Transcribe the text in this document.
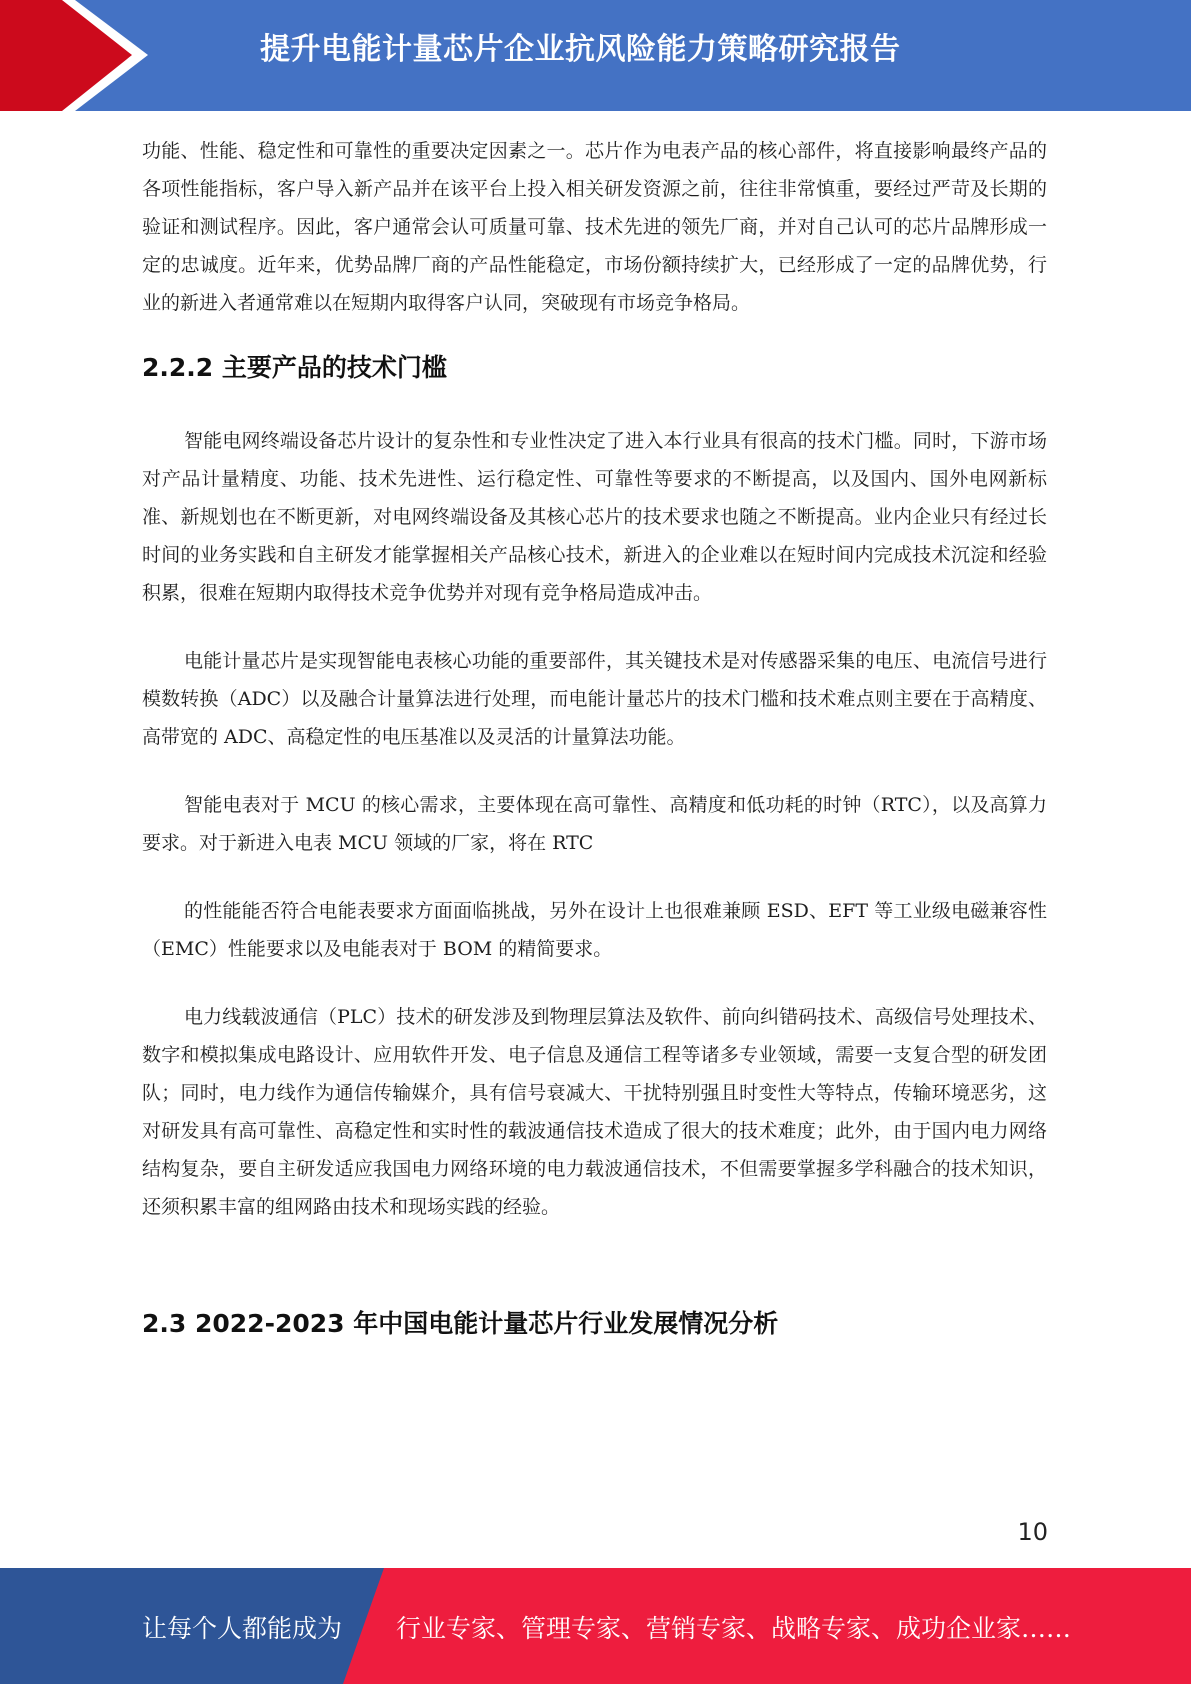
提升电能计量芯片企业抗风险能力策略研究报告

功能、性能、稳定性和可靠性的重要决定因素之一。芯片作为电表产品的核心部件，将直接影响最终产品的各项性能指标，客户导入新产品并在该平台上投入相关研发资源之前，往往非常慎重，要经过严苛及长期的验证和测试程序。因此，客户通常会认可质量可靠、技术先进的领先厂商，并对自己认可的芯片品牌形成一定的忠诚度。近年来，优势品牌厂商的产品性能稳定，市场份额持续扩大，已经形成了一定的品牌优势，行业的新进入者通常难以在短期内取得客户认同，突破现有市场竞争格局。

2.2.2 主要产品的技术门槛

智能电网终端设备芯片设计的复杂性和专业性决定了进入本行业具有很高的技术门槛。同时，下游市场对产品计量精度、功能、技术先进性、运行稳定性、可靠性等要求的不断提高，以及国内、国外电网新标准、新规划也在不断更新，对电网终端设备及其核心芯片的技术要求也随之不断提高。业内企业只有经过长时间的业务实践和自主研发才能掌握相关产品核心技术，新进入的企业难以在短时间内完成技术沉淀和经验积累，很难在短期内取得技术竞争优势并对现有竞争格局造成冲击。

电能计量芯片是实现智能电表核心功能的重要部件，其关键技术是对传感器采集的电压、电流信号进行模数转换（ADC）以及融合计量算法进行处理，而电能计量芯片的技术门槛和技术难点则主要在于高精度、高带宽的 ADC、高稳定性的电压基准以及灵活的计量算法功能。

智能电表对于 MCU 的核心需求，主要体现在高可靠性、高精度和低功耗的时钟（RTC），以及高算力要求。对于新进入电表 MCU 领域的厂家，将在 RTC

的性能能否符合电能表要求方面面临挑战，另外在设计上也很难兼顾 ESD、EFT 等工业级电磁兼容性（EMC）性能要求以及电能表对于 BOM 的精简要求。

电力线载波通信（PLC）技术的研发涉及到物理层算法及软件、前向纠错码技术、高级信号处理技术、数字和模拟集成电路设计、应用软件开发、电子信息及通信工程等诸多专业领域，需要一支复合型的研发团队；同时，电力线作为通信传输媒介，具有信号衰减大、干扰特别强且时变性大等特点，传输环境恶劣，这对研发具有高可靠性、高稳定性和实时性的载波通信技术造成了很大的技术难度；此外，由于国内电力网络结构复杂，要自主研发适应我国电力网络环境的电力载波通信技术，不但需要掌握多学科融合的技术知识，还须积累丰富的组网路由技术和现场实践的经验。

2.3 2022-2023 年中国电能计量芯片行业发展情况分析
10
让每个人都能成为 行业专家、管理专家、营销专家、战略专家、成功企业家……
